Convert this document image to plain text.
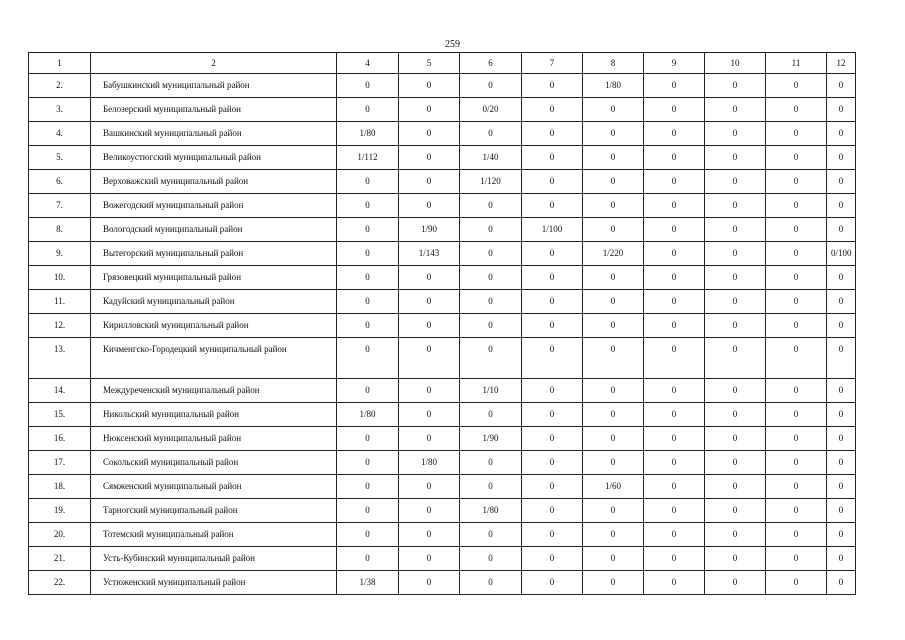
259
1	2	4	5	6	7	8	9	10	11	12
2.	Бабушкинский муниципальный район	0	0	0	0	1/80	0	0	0	0
3.	Белозерский муниципальный район	0	0	0/20	0	0	0	0	0	0
4.	Вашкинский муниципальный район	1/80	0	0	0	0	0	0	0	0
5.	Великоустюгский муниципальный район	1/112	0	1/40	0	0	0	0	0	0
6.	Верховажский муниципальный район	0	0	1/120	0	0	0	0	0	0
7.	Вожегодский муниципальный район	0	0	0	0	0	0	0	0	0
8.	Вологодский муниципальный район	0	1/90	0	1/100	0	0	0	0	0
9.	Вытегорский муниципальный район	0	1/143	0	0	1/220	0	0	0	0/100
10.	Грязовецкий муниципальный район	0	0	0	0	0	0	0	0	0
11.	Кадуйский муниципальный район	0	0	0	0	0	0	0	0	0
12.	Кирилловский муниципальный район	0	0	0	0	0	0	0	0	0
13.	Кичменгско-Городецкий муниципальный район	0	0	0	0	0	0	0	0	0
14.	Междуреченский муниципальный район	0	0	1/10	0	0	0	0	0	0
15.	Никольский муниципальный район	1/80	0	0	0	0	0	0	0	0
16.	Нюксенский муниципальный район	0	0	1/90	0	0	0	0	0	0
17.	Сокольский муниципальный район	0	1/80	0	0	0	0	0	0	0
18.	Сямженский муниципальный район	0	0	0	0	1/60	0	0	0	0
19.	Тарногский муниципальный район	0	0	1/80	0	0	0	0	0	0
20.	Тотемский муниципальный район	0	0	0	0	0	0	0	0	0
21.	Усть-Кубинский муниципальный район	0	0	0	0	0	0	0	0	0
22.	Устюженский муниципальный район	1/38	0	0	0	0	0	0	0	0
